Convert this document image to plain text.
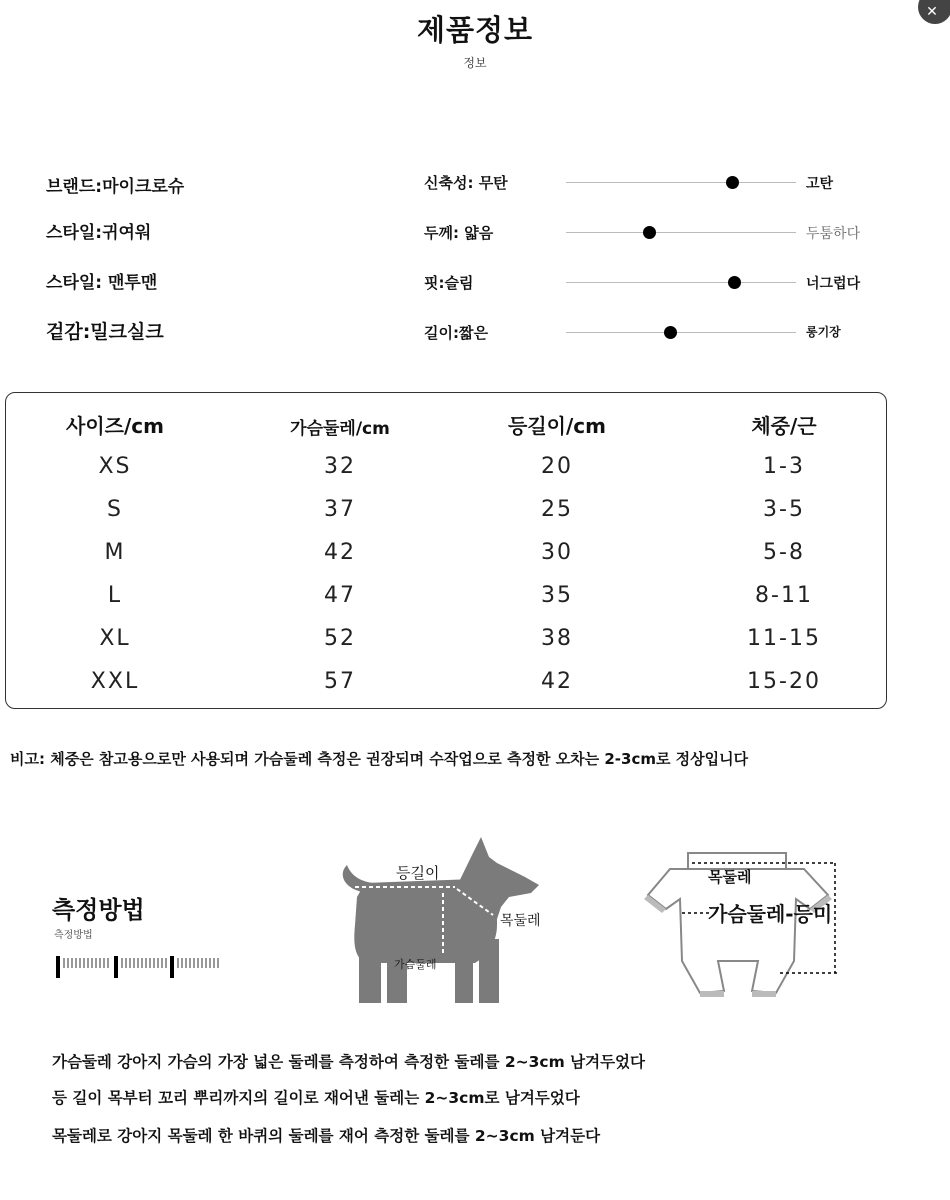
제품정보
정보
✕
브랜드:마이크로슈
스타일:귀여워
스타일: 맨투맨
겉감:밀크실크
신축성: 무탄	고탄
두께: 얇음	두툼하다
핏:슬림	너그럽다
길이:짧은	롱기장
사이즈/cm	가슴둘레/cm	등길이/cm	체중/근
XS	32	20	1-3
S	37	25	3-5
M	42	30	5-8
L	47	35	8-11
XL	52	38	11-15
XXL	57	42	15-20
비고: 체중은 참고용으로만 사용되며 가슴둘레 측정은 권장되며 수작업으로 측정한 오차는 2-3cm로 정상입니다
측정방법
측정방법
등길이
목둘레
가슴둘레
목둘레
가슴둘레-등미
가슴둘레 강아지 가슴의 가장 넓은 둘레를 측정하여 측정한 둘레를 2~3cm 남겨두었다
등 길이 목부터 꼬리 뿌리까지의 길이로 재어낸 둘레는 2~3cm로 남겨두었다
목둘레로 강아지 목둘레 한 바퀴의 둘레를 재어 측정한 둘레를 2~3cm 남겨둔다
